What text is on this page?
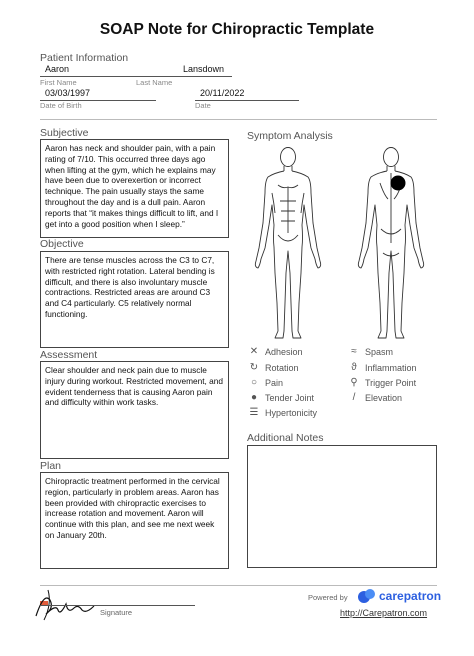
SOAP Note for Chiropractic Template
Patient Information
Aaron	Lansdown
First Name	Last Name
03/03/1997
Date of Birth
20/11/2022
Date
Subjective
Aaron has neck and shoulder pain, with a pain rating of 7/10. This occurred three days ago when lifting at the gym, which he explains may have been due to overexertion or incorrect technique. The pain usually stays the same throughout the day and is a dull pain. Aaron reports that “it makes things difficult to lift, and I get into a good position when I sleep.”
Objective
There are tense muscles across the C3 to C7, with restricted right rotation. Lateral bending is difficult, and there is also involuntary muscle contractions. Restricted areas are around C3 and C4 particularly. C5 relatively normal functioning.
Assessment
Clear shoulder and neck pain due to muscle injury during workout. Restricted movement, and evident tenderness that is causing Aaron pain and difficulty within work tasks.
Plan
Chiropractic treatment performed in the cervical region, particularly in problem areas. Aaron has been provided with chiropractic exercises to increase rotation and movement. Aaron will continue with this plan, and see me next week on January 20th.
Symptom Analysis
✕ Adhesion	≈ Spasm
↻ Rotation	ϑ Inflammation
○ Pain	⚲ Trigger Point
● Tender Joint	/	Elevation
☰ Hypertonicity
Additional Notes
Signature
Powered by	carepatron
http://Carepatron.com
